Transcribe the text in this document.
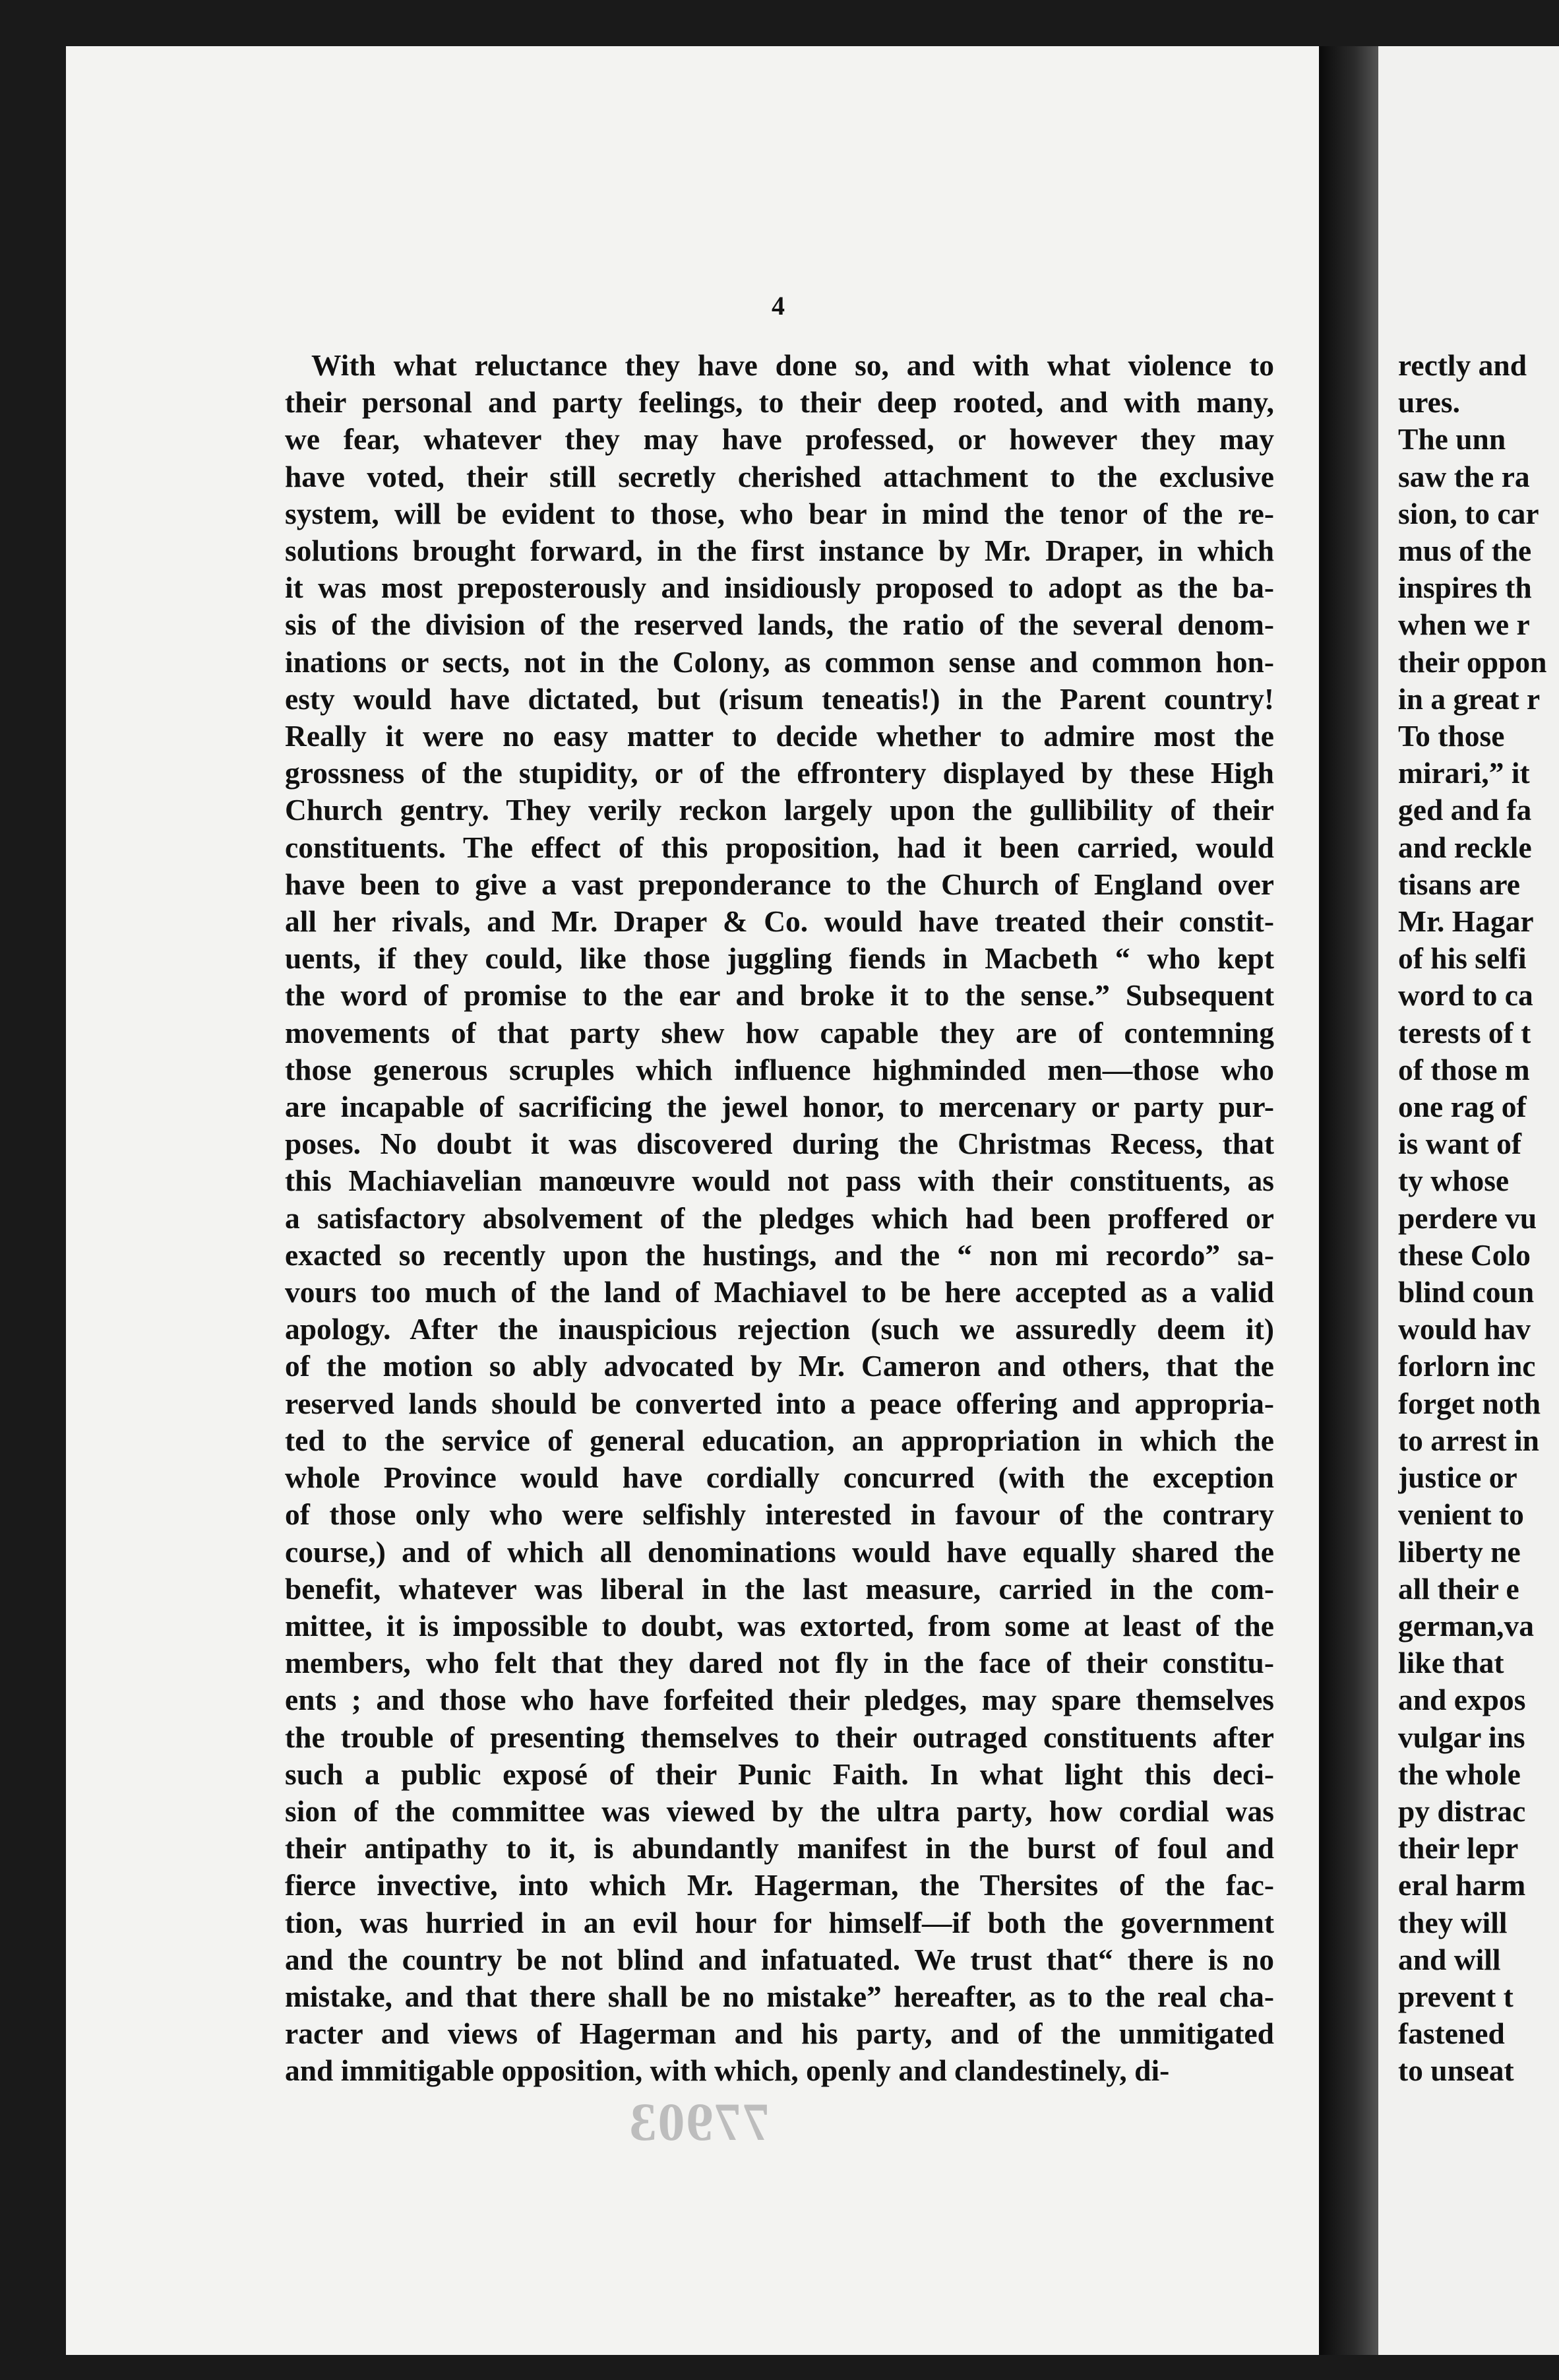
4
With what reluctance they have done so, and with what violence to
their personal and party feelings, to their deep rooted, and with many,
we fear, whatever they may have professed, or however they may
have voted, their still secretly cherished attachment to the exclusive
system, will be evident to those, who bear in mind the tenor of the re-
solutions brought forward, in the first instance by Mr. Draper, in which
it was most preposterously and insidiously proposed to adopt as the ba-
sis of the division of the reserved lands, the ratio of the several denom-
inations or sects, not in the Colony, as common sense and common hon-
esty would have dictated, but (risum teneatis!) in the Parent country!
Really it were no easy matter to decide whether to admire most the
grossness of the stupidity, or of the effrontery displayed by these High
Church gentry. They verily reckon largely upon the gullibility of their
constituents. The effect of this proposition, had it been carried, would
have been to give a vast preponderance to the Church of England over
all her rivals, and Mr. Draper & Co. would have treated their constit-
uents, if they could, like those juggling fiends in Macbeth “ who kept
the word of promise to the ear and broke it to the sense.” Subsequent
movements of that party shew how capable they are of contemning
those generous scruples which influence highminded men—those who
are incapable of sacrificing the jewel honor, to mercenary or party pur-
poses. No doubt it was discovered during the Christmas Recess, that
this Machiavelian manœuvre would not pass with their constituents, as
a satisfactory absolvement of the pledges which had been proffered or
exacted so recently upon the hustings, and the “ non mi recordo” sa-
vours too much of the land of Machiavel to be here accepted as a valid
apology. After the inauspicious rejection (such we assuredly deem it)
of the motion so ably advocated by Mr. Cameron and others, that the
reserved lands should be converted into a peace offering and appropria-
ted to the service of general education, an appropriation in which the
whole Province would have cordially concurred (with the exception
of those only who were selfishly interested in favour of the contrary
course,) and of which all denominations would have equally shared the
benefit, whatever was liberal in the last measure, carried in the com-
mittee, it is impossible to doubt, was extorted, from some at least of the
members, who felt that they dared not fly in the face of their constitu-
ents ; and those who have forfeited their pledges, may spare themselves
the trouble of presenting themselves to their outraged constituents after
such a public exposé of their Punic Faith. In what light this deci-
sion of the committee was viewed by the ultra party, how cordial was
their antipathy to it, is abundantly manifest in the burst of foul and
fierce invective, into which Mr. Hagerman, the Thersites of the fac-
tion, was hurried in an evil hour for himself—if both the government
and the country be not blind and infatuated. We trust that“ there is no
mistake, and that there shall be no mistake” hereafter, as to the real cha-
racter and views of Hagerman and his party, and of the unmitigated
and immitigable opposition, with which, openly and clandestinely, di-
rectly and
ures.
The unn
saw the ra
sion, to car
mus of the
inspires th
when we r
their oppon
in a great r
To those
mirari,” it
ged and fa
and reckle
tisans are
Mr. Hagar
of his selfi
word to ca
terests of t
of those m
one rag of
is want of
ty whose
perdere vu
these Colo
blind coun
would hav
forlorn inc
forget noth
to arrest in
justice or
venient to
liberty ne
all their e
german,va
like that
and expos
vulgar ins
the whole
py distrac
their lepr
eral harm
they will
and will
prevent t
fastened
to unseat
77903
